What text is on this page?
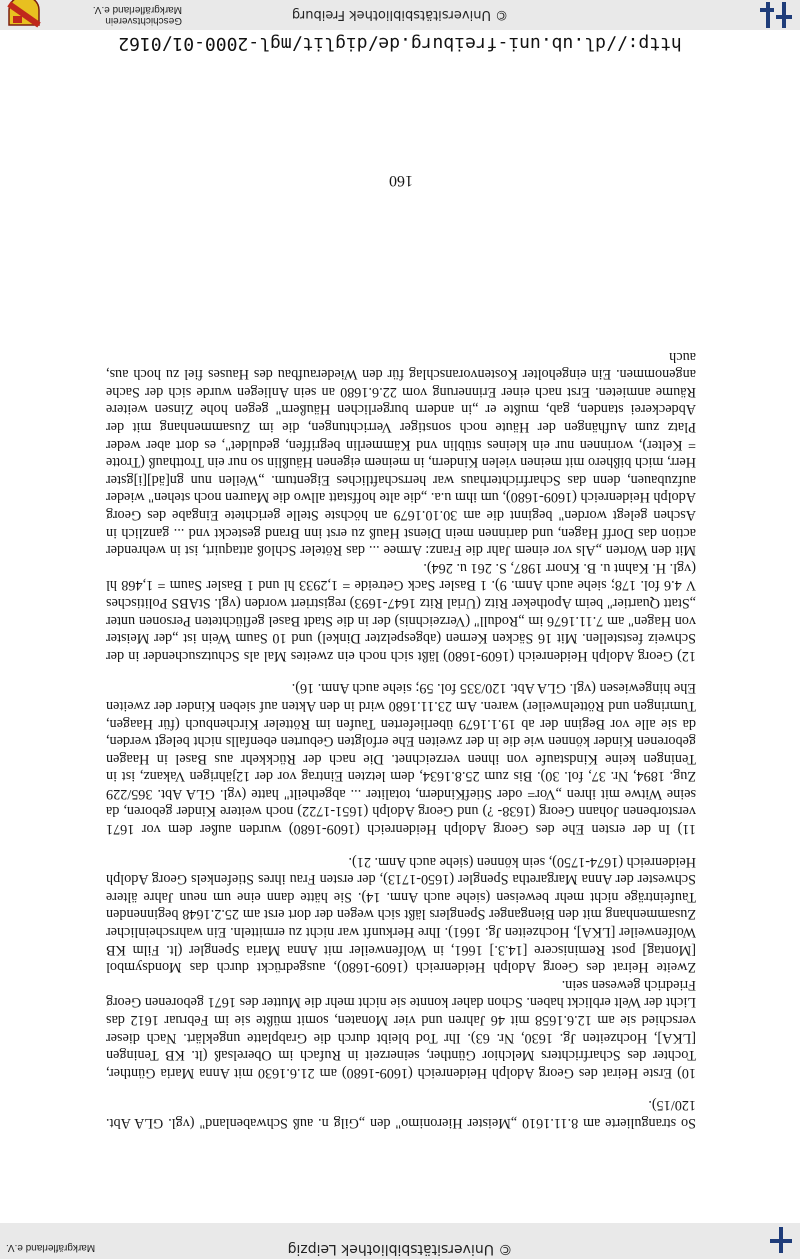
© Universitätsbibliothek Leipzig
Markgräflerland e.V.

So strangulierte am 8.11.1610 „Meister Hieronimo" den „Gilg n. auß Schwabenland" (vgl. GLA Abt. 120/15).

10) Erste Heirat des Georg Adolph Heidenreich (1609-1680) am 21.6.1630 mit Anna Maria Günther, Tochter des Scharfrichters Melchior Günther, seinerzeit in Rufach im Oberelsaß (lt. KB Teningen [LKA], Hochzeiten Jg. 1630, Nr. 63). Ihr Tod bleibt durch die Grabplatte ungeklärt. Nach dieser verschied sie am 12.6.1658 mit 46 Jahren und vier Monaten, somit müßte sie im Februar 1612 das Licht der Welt erblickt haben. Schon daher konnte sie nicht mehr die Mutter des 1671 geborenen Georg Friedrich gewesen sein.

Zweite Heirat des Georg Adolph Heidenreich (1609-1680), ausgedrückt durch das Mondsymbol [Montag] post Reminiscere [14.3.] 1661, in Wolfenweiler mit Anna Maria Spengler (lt. Film KB Wolfenweiler [LKA], Hochzeiten Jg. 1661). Ihre Herkunft war nicht zu ermitteln. Ein wahrscheinlicher Zusammenhang mit den Bienganger Spenglers läßt sich wegen der dort erst am 25.2.1648 beginnenden Taufeinträge nicht mehr beweisen (siehe auch Anm. 14). Sie hätte dann eine um neun Jahre ältere Schwester der Anna Margaretha Spengler (1650-1713), der ersten Frau ihres Stiefenkels Georg Adolph Heidenreich (1674-1750), sein können (siehe auch Anm. 21).

11) In der ersten Ehe des Georg Adolph Heidenreich (1609-1680) wurden außer dem vor 1671 verstorbenen Johann Georg (1638- ?) und Georg Adolph (1651-1722) noch weitere Kinder geboren, da seine Witwe mit ihren „Vor= oder StiefKindern, totaliter ... abgetheilt" hatte (vgl. GLA Abt. 365/229 Zug. 1894, Nr. 37, fol. 30). Bis zum 25.8.1634, dem letzten Eintrag vor der 12jährigen Vakanz, ist in Teningen keine Kindstaufe von ihnen verzeichnet. Die nach der Rückkehr aus Basel in Haagen geborenen Kinder können wie die in der zweiten Ehe erfolgten Geburten ebenfalls nicht belegt werden, da sie alle vor Beginn der ab 19.1.1679 überlieferten Taufen im Rötteler Kirchenbuch (für Haagen, Tumringen und Röttelnweiler) waren. Am 23.11.1680 wird in den Akten auf sieben Kinder der zweiten Ehe hingewiesen (vgl. GLA Abt. 120/335 fol. 59; siehe auch Anm. 16).

12) Georg Adolph Heidenreich (1609-1680) läßt sich noch ein zweites Mal als Schutzsuchender in der Schweiz feststellen. Mit 16 Säcken Kernen (abgespelzter Dinkel) und 10 Saum Wein ist „der Meister von Hagen" am 7.11.1676 im „Rodull" (Verzeichnis) der in die Stadt Basel geflüchteten Personen unter „Statt Quartier" beim Apotheker Ritz (Urial Ritz 1647-1693) registriert worden (vgl. StABS Politisches V 4.6 fol. 178; siehe auch Anm. 9). 1 Basler Sack Getreide = 1,2933 hl und 1 Basler Saum = 1,468 hl (vgl. H. Kahnt u. B. Knorr 1987, S. 261 u. 264).

Mit den Worten „Als vor einem Jahr die Franz: Armee ... das Röteler Schloß attaquirt, ist in wehrender action das Dorff Hagen, und darinnen mein Dienst Hauß zu erst inn Brand gesteckt vnd ... ganzlich in Aschen gelegt worden" beginnt die am 30.10.1679 an höchste Stelle gerichtete Eingabe des Georg Adolph Heidenreich (1609-1680), um ihm u.a. „die alte hoffstatt allwo die Mauren noch stehen" wieder aufzubauen, denn das Scharfrichterhaus war herrschaftliches Eigentum. „Weilen nun gn[äd][i]gster Herr, mich bißhero mit meinen vielen Kindern, in meinem eigenen Häußlin so nur ein Trotthauß (Trotte = Kelter), worinnen nur ein kleines stüblin vnd Kämmerlin begriffen, geduldet", es dort aber weder Platz zum Aufhängen der Häute noch sonstiger Verrichtungen, die im Zusammenhang mit der Abdeckerei standen, gab, mußte er „in andern burgerlichen Häußern" gegen hohe Zinsen weitere Räume anmieten. Erst nach einer Erinnerung vom 22.6.1680 an sein Anliegen wurde sich der Sache angenommen. Ein eingeholter Kostenvoranschlag für den Wiederaufbau des Hauses fiel zu hoch aus, auch

160
http://dl.ub.uni-freiburg.de/diglit/mgl-2000-01/0162
© Universitätsbibliothek Freiburg
Geschichtsverein
Markgräflerland e.V.
